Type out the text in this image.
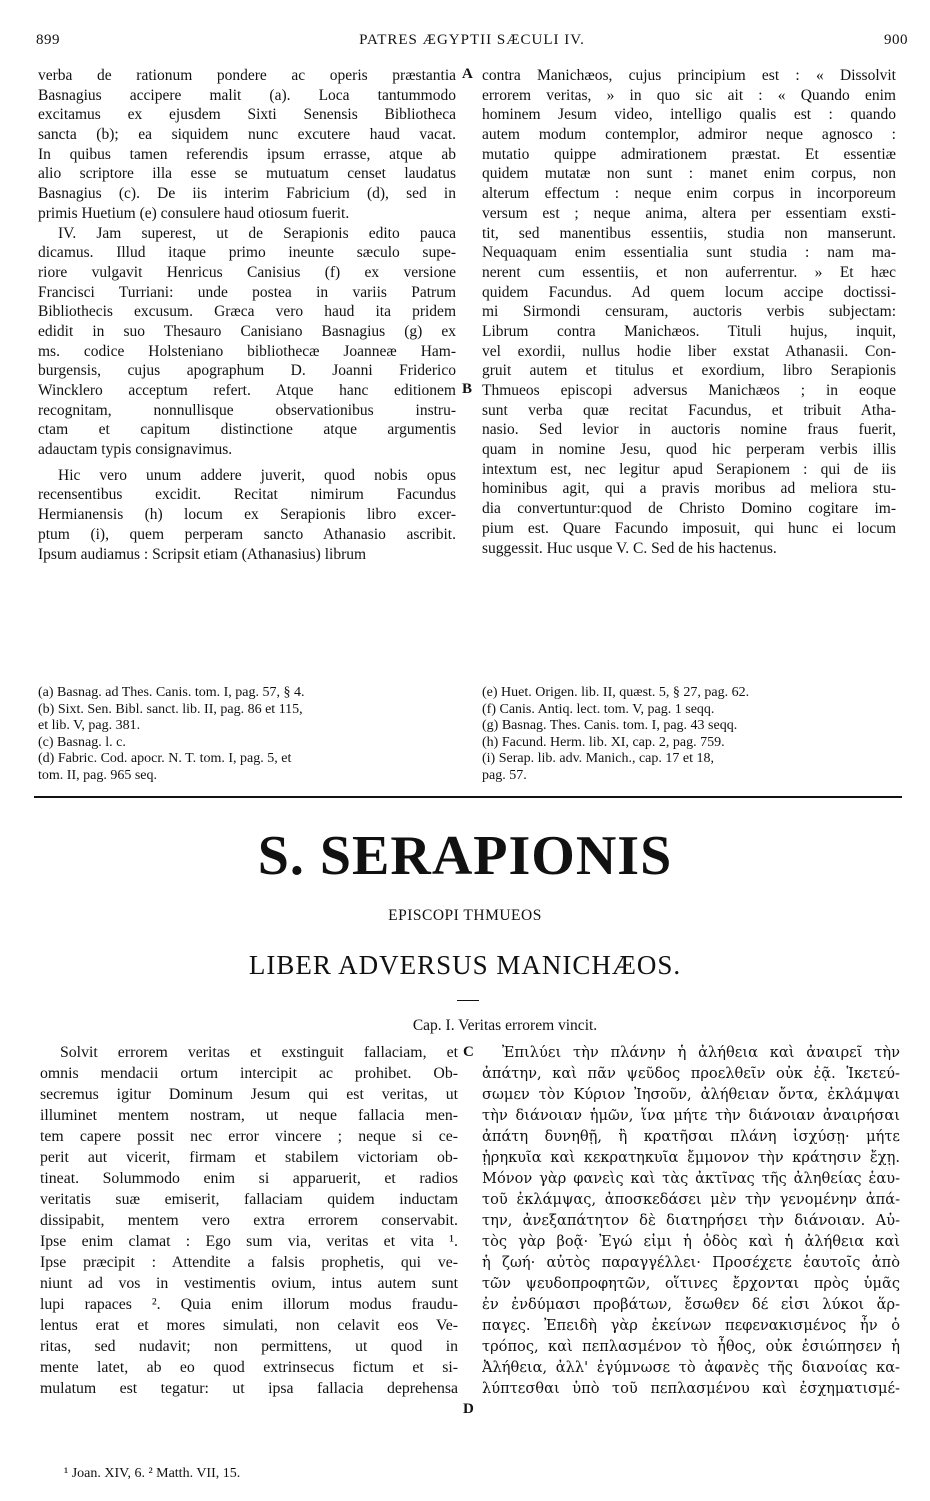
899	PATRES ÆGYPTII SÆCULI IV.	900
verba de rationum pondere ac operis præstantia
Basnagius accipere malit (a). Loca tantummodo
excitamus ex ejusdem Sixti Senensis Bibliotheca
sancta (b); ea siquidem nunc excutere haud vacat.
In quibus tamen referendis ipsum errasse, atque ab
alio scriptore illa esse se mutuatum censet laudatus
Basnagius (c). De iis interim Fabricium (d), sed in
primis Huetium (e) consulere haud otiosum fuerit.
IV. Jam superest, ut de Serapionis edito pauca
dicamus. Illud itaque primo ineunte sæculo supe-
riore vulgavit Henricus Canisius (f) ex versione
Francisci Turriani: unde postea in variis Patrum
Bibliothecis excusum. Græca vero haud ita pridem
edidit in suo Thesauro Canisiano Basnagius (g) ex
ms. codice Holsteniano bibliothecæ Joanneæ Ham-
burgensis, cujus apographum D. Joanni Friderico
Wincklero acceptum refert. Atque hanc editionem
recognitam, nonnullisque observationibus instru-
ctam et capitum distinctione atque argumentis
adauctam typis consignavimus.
Hic vero unum addere juverit, quod nobis opus
recensentibus excidit. Recitat nimirum Facundus
Hermianensis (h) locum ex Serapionis libro excer-
ptum (i), quem perperam sancto Athanasio ascribit.
Ipsum audiamus : Scripsit etiam (Athanasius) librum
contra Manichæos, cujus principium est : « Dissolvit
errorem veritas, » in quo sic ait : « Quando enim
hominem Jesum video, intelligo qualis est : quando
autem modum contemplor, admiror neque agnosco :
mutatio quippe admirationem præstat. Et essentiæ
quidem mutatæ non sunt : manet enim corpus, non
alterum effectum : neque enim corpus in incorporeum
versum est ; neque anima, altera per essentiam exsti-
tit, sed manentibus essentiis, studia non manserunt.
Nequaquam enim essentialia sunt studia : nam ma-
nerent cum essentiis, et non auferrentur. » Et hæc
quidem Facundus. Ad quem locum accipe doctissi-
mi Sirmondi censuram, auctoris verbis subjectam:
Librum contra Manichæos. Tituli hujus, inquit,
vel exordii, nullus hodie liber exstat Athanasii. Con-
gruit autem et titulus et exordium, libro Serapionis
Thmueos episcopi adversus Manichæos ; in eoque
sunt verba quæ recitat Facundus, et tribuit Atha-
nasio. Sed levior in auctoris nomine fraus fuerit,
quam in nomine Jesu, quod hic perperam verbis illis
intextum est, nec legitur apud Serapionem : qui de iis
hominibus agit, qui a pravis moribus ad meliora stu-
dia convertuntur:quod de Christo Domino cogitare im-
pium est. Quare Facundo imposuit, qui hunc ei locum
suggessit. Huc usque V. C. Sed de his hactenus.
A
B
C
D
(a) Basnag. ad Thes. Canis. tom. I, pag. 57, § 4.
(b) Sixt. Sen. Bibl. sanct. lib. II, pag. 86 et 115,
et lib. V, pag. 381.
(c) Basnag. l. c.
(d) Fabric. Cod. apocr. N. T. tom. I, pag. 5, et
tom. II, pag. 965 seq.
(e) Huet. Origen. lib. II, quæst. 5, § 27, pag. 62.
(f) Canis. Antiq. lect. tom. V, pag. 1 seqq.
(g) Basnag. Thes. Canis. tom. I, pag. 43 seqq.
(h) Facund. Herm. lib. XI, cap. 2, pag. 759.
(i) Serap. lib. adv. Manich., cap. 17 et 18,
pag. 57.
S. SERAPIONIS
EPISCOPI THMUEOS
LIBER ADVERSUS MANICHÆOS.
Cap. I. Veritas errorem vincit.
Solvit errorem veritas et exstinguit fallaciam, et
omnis mendacii ortum intercipit ac prohibet. Ob-
secremus igitur Dominum Jesum qui est veritas, ut
illuminet mentem nostram, ut neque fallacia men-
tem capere possit nec error vincere ; neque si ce-
perit aut vicerit, firmam et stabilem victoriam ob-
tineat. Solummodo enim si apparuerit, et radios
veritatis suæ emiserit, fallaciam quidem inductam
dissipabit, mentem vero extra errorem conservabit.
Ipse enim clamat : Ego sum via, veritas et vita ¹.
Ipse præcipit : Attendite a falsis prophetis, qui ve-
niunt ad vos in vestimentis ovium, intus autem sunt
lupi rapaces ². Quia enim illorum modus fraudu-
lentus erat et mores simulati, non celavit eos Ve-
ritas, sed nudavit; non permittens, ut quod in
mente latet, ab eo quod extrinsecus fictum et si-
mulatum est tegatur: ut ipsa fallacia deprehensa
Ἐπιλύει τὴν πλάνην ἡ ἀλήθεια καὶ ἀναιρεῖ τὴν
ἀπάτην, καὶ πᾶν ψεῦδος προελθεῖν οὐκ ἐᾷ. Ἱκετεύ-
σωμεν τὸν Κύριον Ἰησοῦν, ἀλήθειαν ὄντα, ἐκλάμψαι
τὴν διάνοιαν ἡμῶν, ἵνα μήτε τὴν διάνοιαν ἀναιρήσαι
ἀπάτη δυνηθῇ, ἢ κρατῆσαι πλάνη ἰσχύσῃ· μήτε
ᾑρηκυῖα καὶ κεκρατηκυῖα ἔμμονον τὴν κράτησιν ἔχῃ.
Μόνον γὰρ φανεὶς καὶ τὰς ἀκτῖνας τῆς ἀληθείας ἑαυ-
τοῦ ἐκλάμψας, ἀποσκεδάσει μὲν τὴν γενομένην ἀπά-
την, ἀνεξαπάτητον δὲ διατηρήσει τὴν διάνοιαν. Αὐ-
τὸς γὰρ βοᾷ· Ἐγώ εἰμι ἡ ὁδὸς καὶ ἡ ἀλήθεια καὶ
ἡ ζωή· αὐτὸς παραγγέλλει· Προσέχετε ἑαυτοῖς ἀπὸ
τῶν ψευδοπροφητῶν, οἵτινες ἔρχονται πρὸς ὑμᾶς
ἐν ἐνδύμασι προβάτων, ἔσωθεν δέ εἰσι λύκοι ἅρ-
παγες. Ἐπειδὴ γὰρ ἐκείνων πεφενακισμένος ἦν ὁ
τρόπος, καὶ πεπλασμένον τὸ ἦθος, οὐκ ἐσιώπησεν ἡ
Ἀλήθεια, ἀλλ' ἐγύμνωσε τὸ ἀφανὲς τῆς διανοίας κα-
λύπτεσθαι ὑπὸ τοῦ πεπλασμένου καὶ ἐσχηματισμέ-
¹ Joan. XIV, 6. ² Matth. VII, 15.
